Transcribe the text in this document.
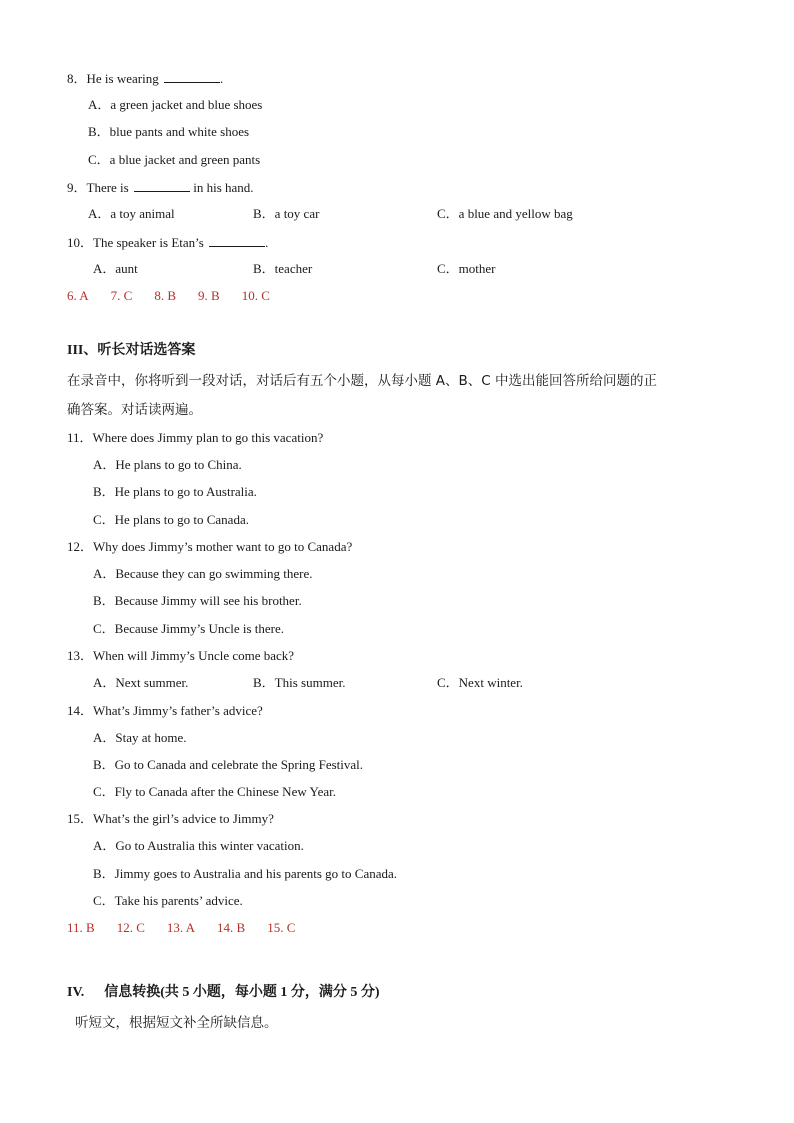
8．He is wearing	.
A．a green jacket and blue shoes
B．blue pants and white shoes
C．a blue jacket and green pants
9．There is	in his hand.
A．a toy animal	B．a toy car	C．a blue and yellow bag
10．The speaker is Etan’s	.
A．aunt	B．teacher	C．mother
6. A 7. C 8. B 9. B 10. C
III、听长对话选答案
在录音中，你将听到一段对话，对话后有五个小题，从每小题 A、B、C 中选出能回答所给问题的正
确答案。对话读两遍。
11．Where does Jimmy plan to go this vacation?
A．He plans to go to China.
B．He plans to go to Australia.
C．He plans to go to Canada.
12．Why does Jimmy’s mother want to go to Canada?
A．Because they can go swimming there.
B．Because Jimmy will see his brother.
C．Because Jimmy’s Uncle is there.
13．When will Jimmy’s Uncle come back?
A．Next summer.	B．This summer.	C．Next winter.
14．What’s Jimmy’s father’s advice?
A．Stay at home.
B．Go to Canada and celebrate the Spring Festival.
C．Fly to Canada after the Chinese New Year.
15．What’s the girl’s advice to Jimmy?
A．Go to Australia this winter vacation.
B．Jimmy goes to Australia and his parents go to Canada.
C．Take his parents’ advice.
11. B 12. C 13. A 14. B 15. C
IV. 信息转换(共 5 小题，每小题 1 分，满分 5 分)
听短文，根据短文补全所缺信息。
